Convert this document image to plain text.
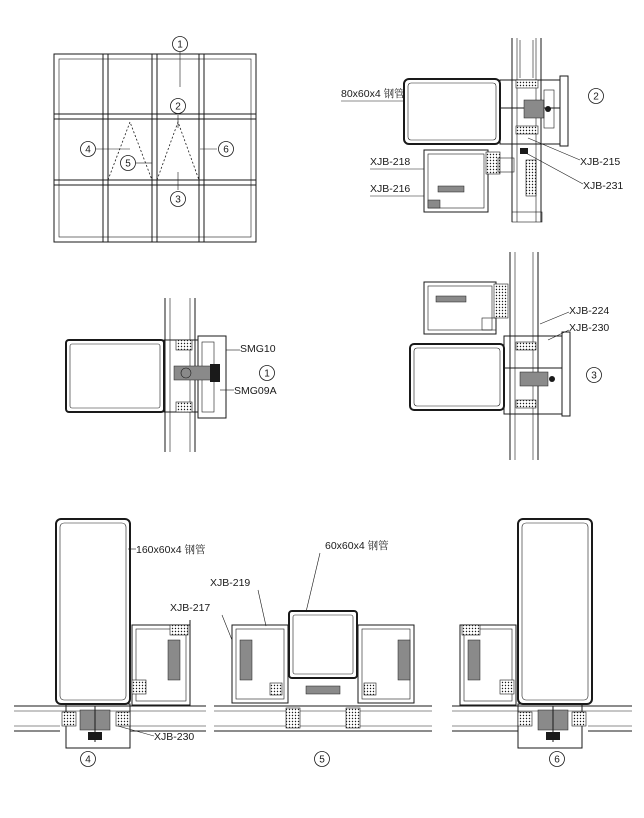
1
2
3
4
5
6
80x60x4 钢管
XJB-218
XJB-216
XJB-215
XJB-231
2
SMG10
SMG09A
1
XJB-224
XJB-230
3
160x60x4 钢管
XJB-230
4
60x60x4 钢管
XJB-219
XJB-217
5	6
